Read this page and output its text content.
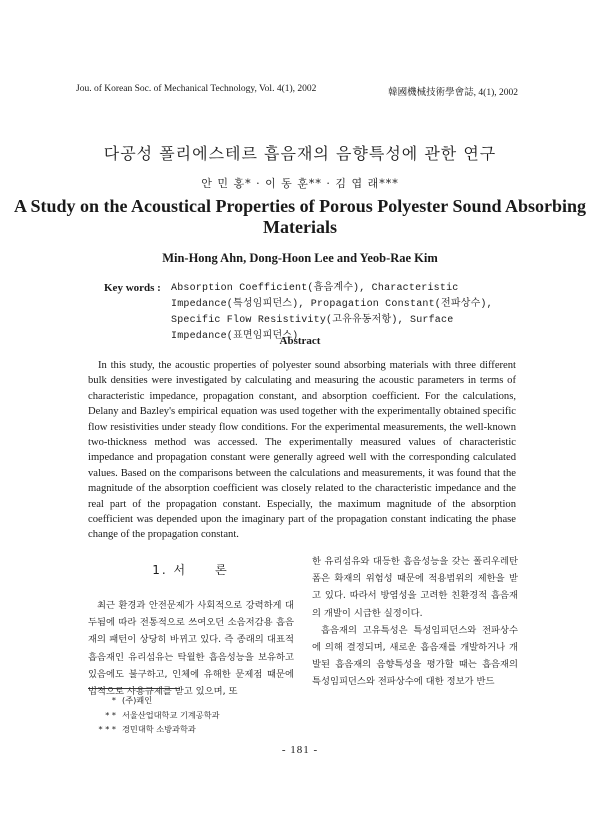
Jou. of Korean Soc. of Mechanical Technology, Vol. 4(1), 2002	韓國機械技術學會誌, 4(1), 2002
다공성 폴리에스테르 흡음재의 음향특성에 관한 연구
안 민 홍* · 이 동 훈** · 김 엽 래***
A Study on the Acoustical Properties of Porous Polyester Sound Absorbing Materials
Min-Hong Ahn, Dong-Hoon Lee and Yeob-Rae Kim
Key words : Absorption Coefficient(흡음계수), Characteristic Impedance(특성임피던스), Propagation Constant(전파상수), Specific Flow Resistivity(고유유동저항), Surface Impedance(표면임피던스)
Abstract
In this study, the acoustic properties of polyester sound absorbing materials with three different bulk densities were investigated by calculating and measuring the acoustic parameters in terms of characteristic impedance, propagation constant, and absorption coefficient. For the calculations, Delany and Bazley's empirical equation was used together with the experimentally obtained specific flow resistivities under steady flow conditions. For the experimental measurements, the well-known two-thickness method was accessed. The experimentally measured values of characteristic impedance and propagation constant were generally agreed well with the corresponding calculated values. Based on the comparisons between the calculations and measurements, it was found that the magnitude of the absorption coefficient was closely related to the characteristic impedance and the real part of the propagation constant. Especially, the maximum magnitude of the absorption coefficient was depended upon the imaginary part of the propagation constant indicating the phase change of the propagation constant.
1. 서　　론
최근 환경과 안전문제가 사회적으로 강력하게 대두됨에 따라 전통적으로 쓰여오던 소음저감용 흡음재의 패턴이 상당히 바뀌고 있다. 즉 종래의 대표적 흡음재인 유리섬유는 탁월한 흡음성능을 보유하고 있음에도 불구하고, 인체에 유해한 문제점 때문에 법적으로 사용규제를 받고 있으며, 또

한 유리섬유와 대등한 흡음성능을 갖는 폴리우레탄 폼은 화재의 위험성 때문에 적용범위의 제한을 받고 있다. 따라서 방염성을 고려한 친환경적 흡음재의 개발이 시급한 실정이다.

흡음재의 고유특성은 특성임피던스와 전파상수에 의해 결정되며, 새로운 흡음재를 개발하거나 개발된 흡음재의 음향특성을 평가할 때는 흡음재의 특성임피던스와 전파상수에 대한 정보가 반드

* (주)쾌인
* * 서울산업대학교 기계공학과
* * * 경민대학 소방과학과
- 181 -
